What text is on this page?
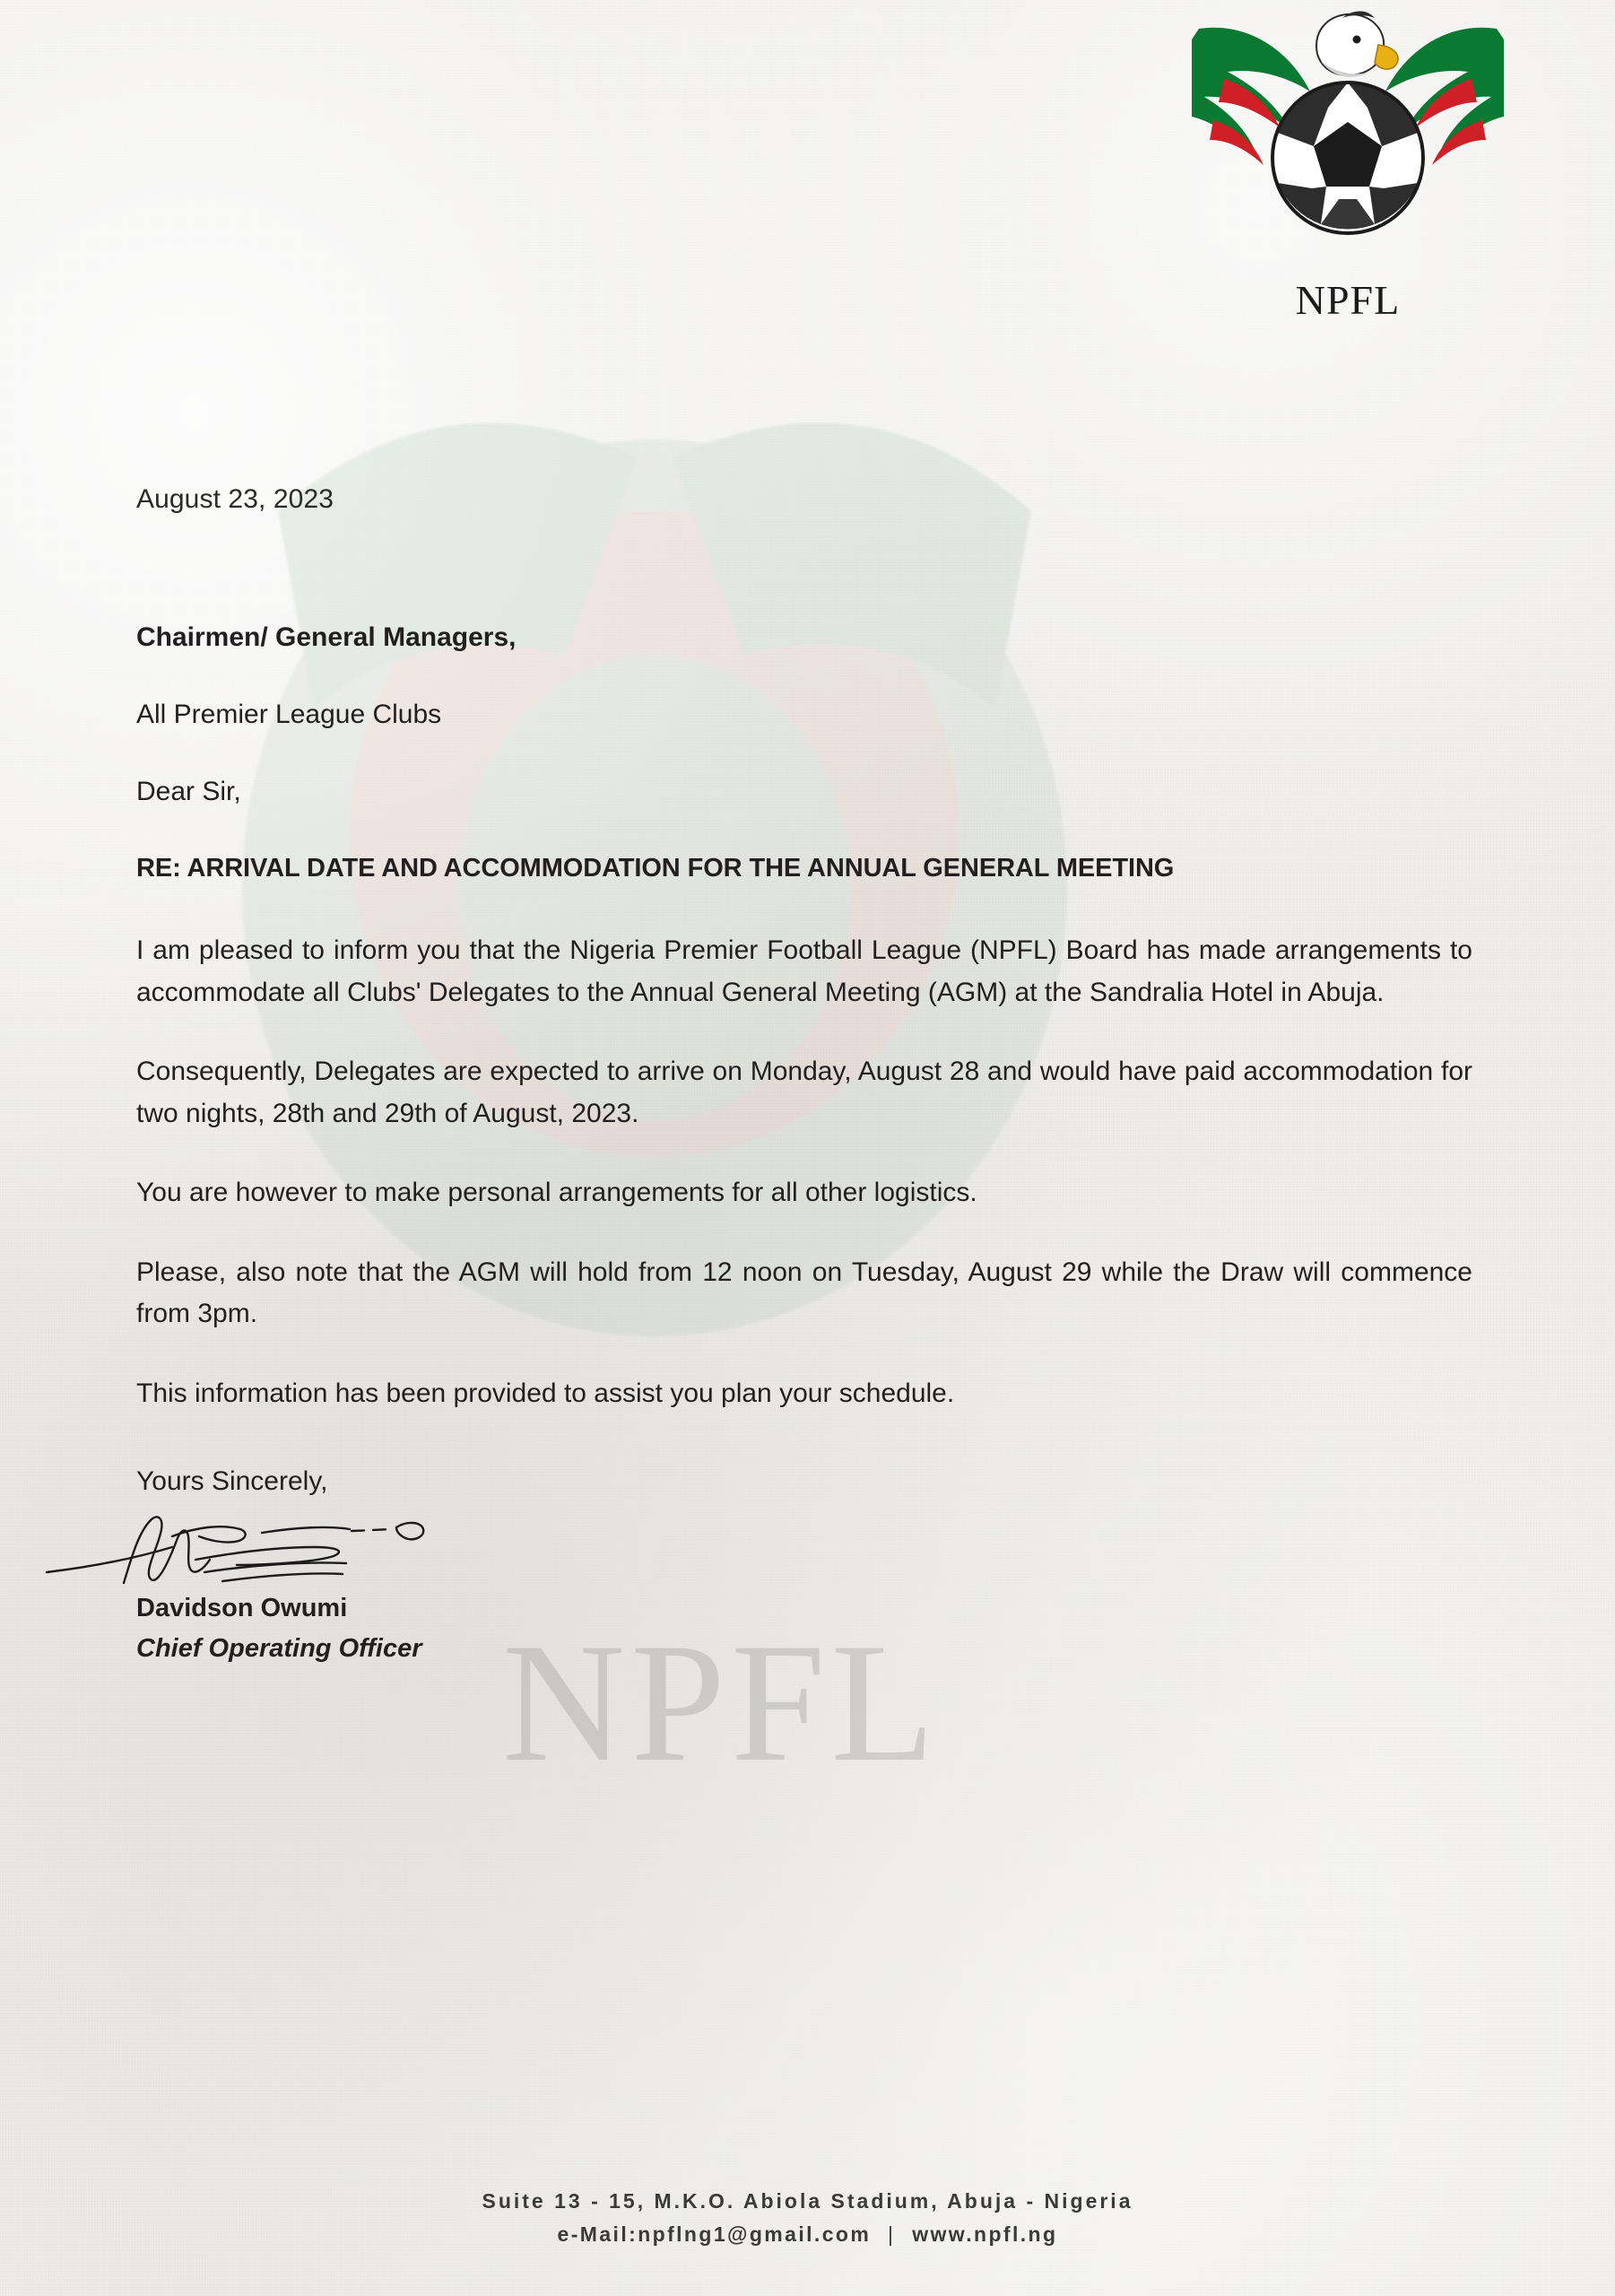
NPFL
August 23, 2023
Chairmen/ General Managers,
All Premier League Clubs
Dear Sir,
RE: ARRIVAL DATE AND ACCOMMODATION FOR THE ANNUAL GENERAL MEETING

I am pleased to inform you that the Nigeria Premier Football League (NPFL) Board has made arrangements to accommodate all Clubs' Delegates to the Annual General Meeting (AGM) at the Sandralia Hotel in Abuja.

Consequently, Delegates are expected to arrive on Monday, August 28 and would have paid accommodation for two nights, 28th and 29th of August, 2023.

You are however to make personal arrangements for all other logistics.

Please, also note that the AGM will hold from 12 noon on Tuesday, August 29 while the Draw will commence from 3pm.

This information has been provided to assist you plan your schedule.

Yours Sincerely,
Davidson Owumi
Chief Operating Officer NPFL
Suite 13 - 15, M.K.O. Abiola Stadium, Abuja - Nigeria
e-Mail:npflng1@gmail.com | www.npfl.ng
